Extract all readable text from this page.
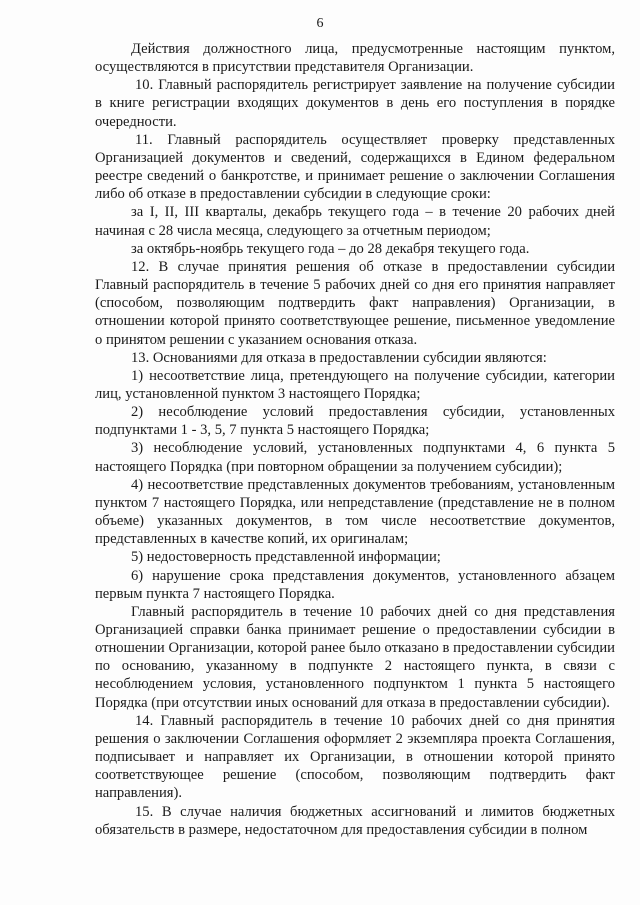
6

Действия должностного лица, предусмотренные настоящим пунктом, осуществляются в присутствии представителя Организации.

10. Главный распорядитель регистрирует заявление на получение субсидии в книге регистрации входящих документов в день его поступления в порядке очередности.

11. Главный распорядитель осуществляет проверку представленных Организацией документов и сведений, содержащихся в Едином федеральном реестре сведений о банкротстве, и принимает решение о заключении Соглашения либо об отказе в предоставлении субсидии в следующие сроки:

за I, II, III кварталы, декабрь текущего года – в течение 20 рабочих дней начиная с 28 числа месяца, следующего за отчетным периодом;

за октябрь-ноябрь текущего года – до 28 декабря текущего года.

12. В случае принятия решения об отказе в предоставлении субсидии Главный распорядитель в течение 5 рабочих дней со дня его принятия направляет (способом, позволяющим подтвердить факт направления) Организации, в отношении которой принято соответствующее решение, письменное уведомление о принятом решении с указанием основания отказа.

13. Основаниями для отказа в предоставлении субсидии являются:

1) несоответствие лица, претендующего на получение субсидии, категории лиц, установленной пунктом 3 настоящего Порядка;

2) несоблюдение условий предоставления субсидии, установленных подпунктами 1 - 3, 5, 7 пункта 5 настоящего Порядка;

3) несоблюдение условий, установленных подпунктами 4, 6 пункта 5 настоящего Порядка (при повторном обращении за получением субсидии);

4) несоответствие представленных документов требованиям, установленным пунктом 7 настоящего Порядка, или непредставление (представление не в полном объеме) указанных документов, в том числе несоответствие документов, представленных в качестве копий, их оригиналам;

5) недостоверность представленной информации;

6) нарушение срока представления документов, установленного абзацем первым пункта 7 настоящего Порядка.

Главный распорядитель в течение 10 рабочих дней со дня представления Организацией справки банка принимает решение о предоставлении субсидии в отношении Организации, которой ранее было отказано в предоставлении субсидии по основанию, указанному в подпункте 2 настоящего пункта, в связи с несоблюдением условия, установленного подпунктом 1 пункта 5 настоящего Порядка (при отсутствии иных оснований для отказа в предоставлении субсидии).

14. Главный распорядитель в течение 10 рабочих дней со дня принятия решения о заключении Соглашения оформляет 2 экземпляра проекта Соглашения, подписывает и направляет их Организации, в отношении которой принято соответствующее решение (способом, позволяющим подтвердить факт направления).

15. В случае наличия бюджетных ассигнований и лимитов бюджетных обязательств в размере, недостаточном для предоставления субсидии в полном
